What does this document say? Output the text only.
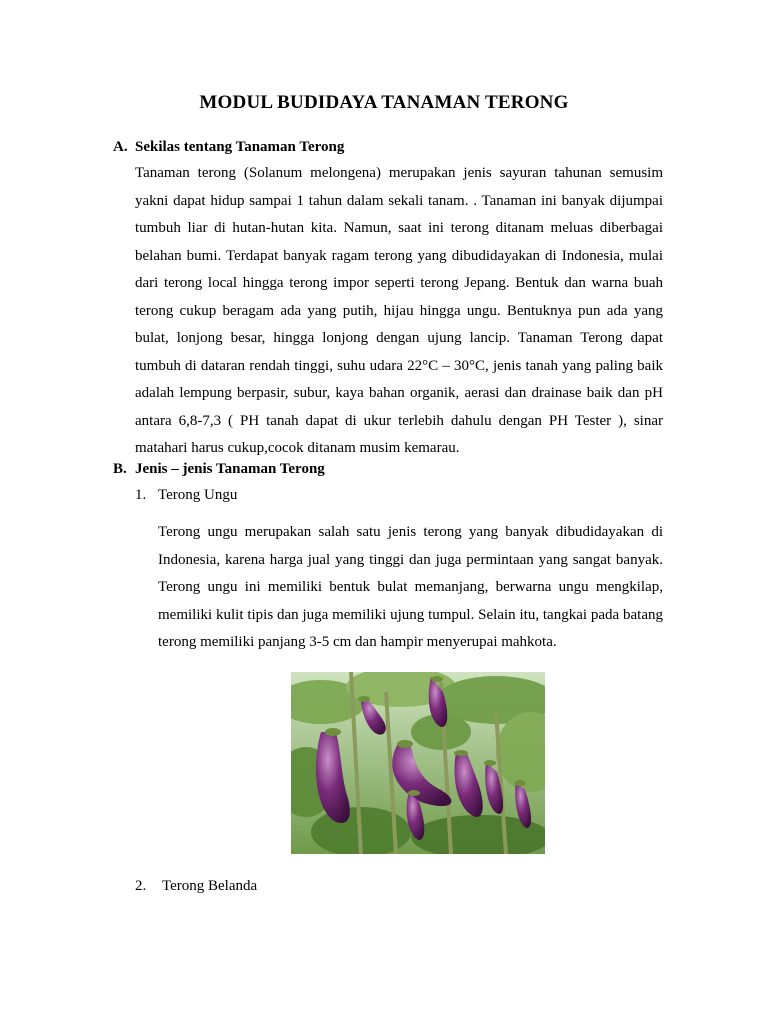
MODUL BUDIDAYA TANAMAN TERONG
A. Sekilas tentang Tanaman Terong

Tanaman terong (Solanum melongena) merupakan jenis sayuran tahunan semusim yakni dapat hidup sampai 1 tahun dalam sekali tanam. . Tanaman ini banyak dijumpai tumbuh liar di hutan-hutan kita. Namun, saat ini terong ditanam meluas diberbagai belahan bumi. Terdapat banyak ragam terong yang dibudidayakan di Indonesia, mulai dari terong local hingga terong impor seperti terong Jepang. Bentuk dan warna buah terong cukup beragam ada yang putih, hijau hingga ungu. Bentuknya pun ada yang bulat, lonjong besar, hingga lonjong dengan ujung lancip. Tanaman Terong dapat tumbuh di dataran rendah tinggi, suhu udara 22°C – 30°C, jenis tanah yang paling baik adalah lempung berpasir, subur, kaya bahan organik, aerasi dan drainase baik dan pH antara 6,8-7,3 ( PH tanah dapat di ukur terlebih dahulu dengan PH Tester ), sinar matahari harus cukup,cocok ditanam musim kemarau.

B. Jenis – jenis Tanaman Terong
1. Terong Ungu

Terong ungu merupakan salah satu jenis terong yang banyak dibudidayakan di Indonesia, karena harga jual yang tinggi dan juga permintaan yang sangat banyak. Terong ungu ini memiliki bentuk bulat memanjang, berwarna ungu mengkilap, memiliki kulit tipis dan juga memiliki ujung tumpul. Selain itu, tangkai pada batang terong memiliki panjang 3-5 cm dan hampir menyerupai mahkota.

2. Terong Belanda
